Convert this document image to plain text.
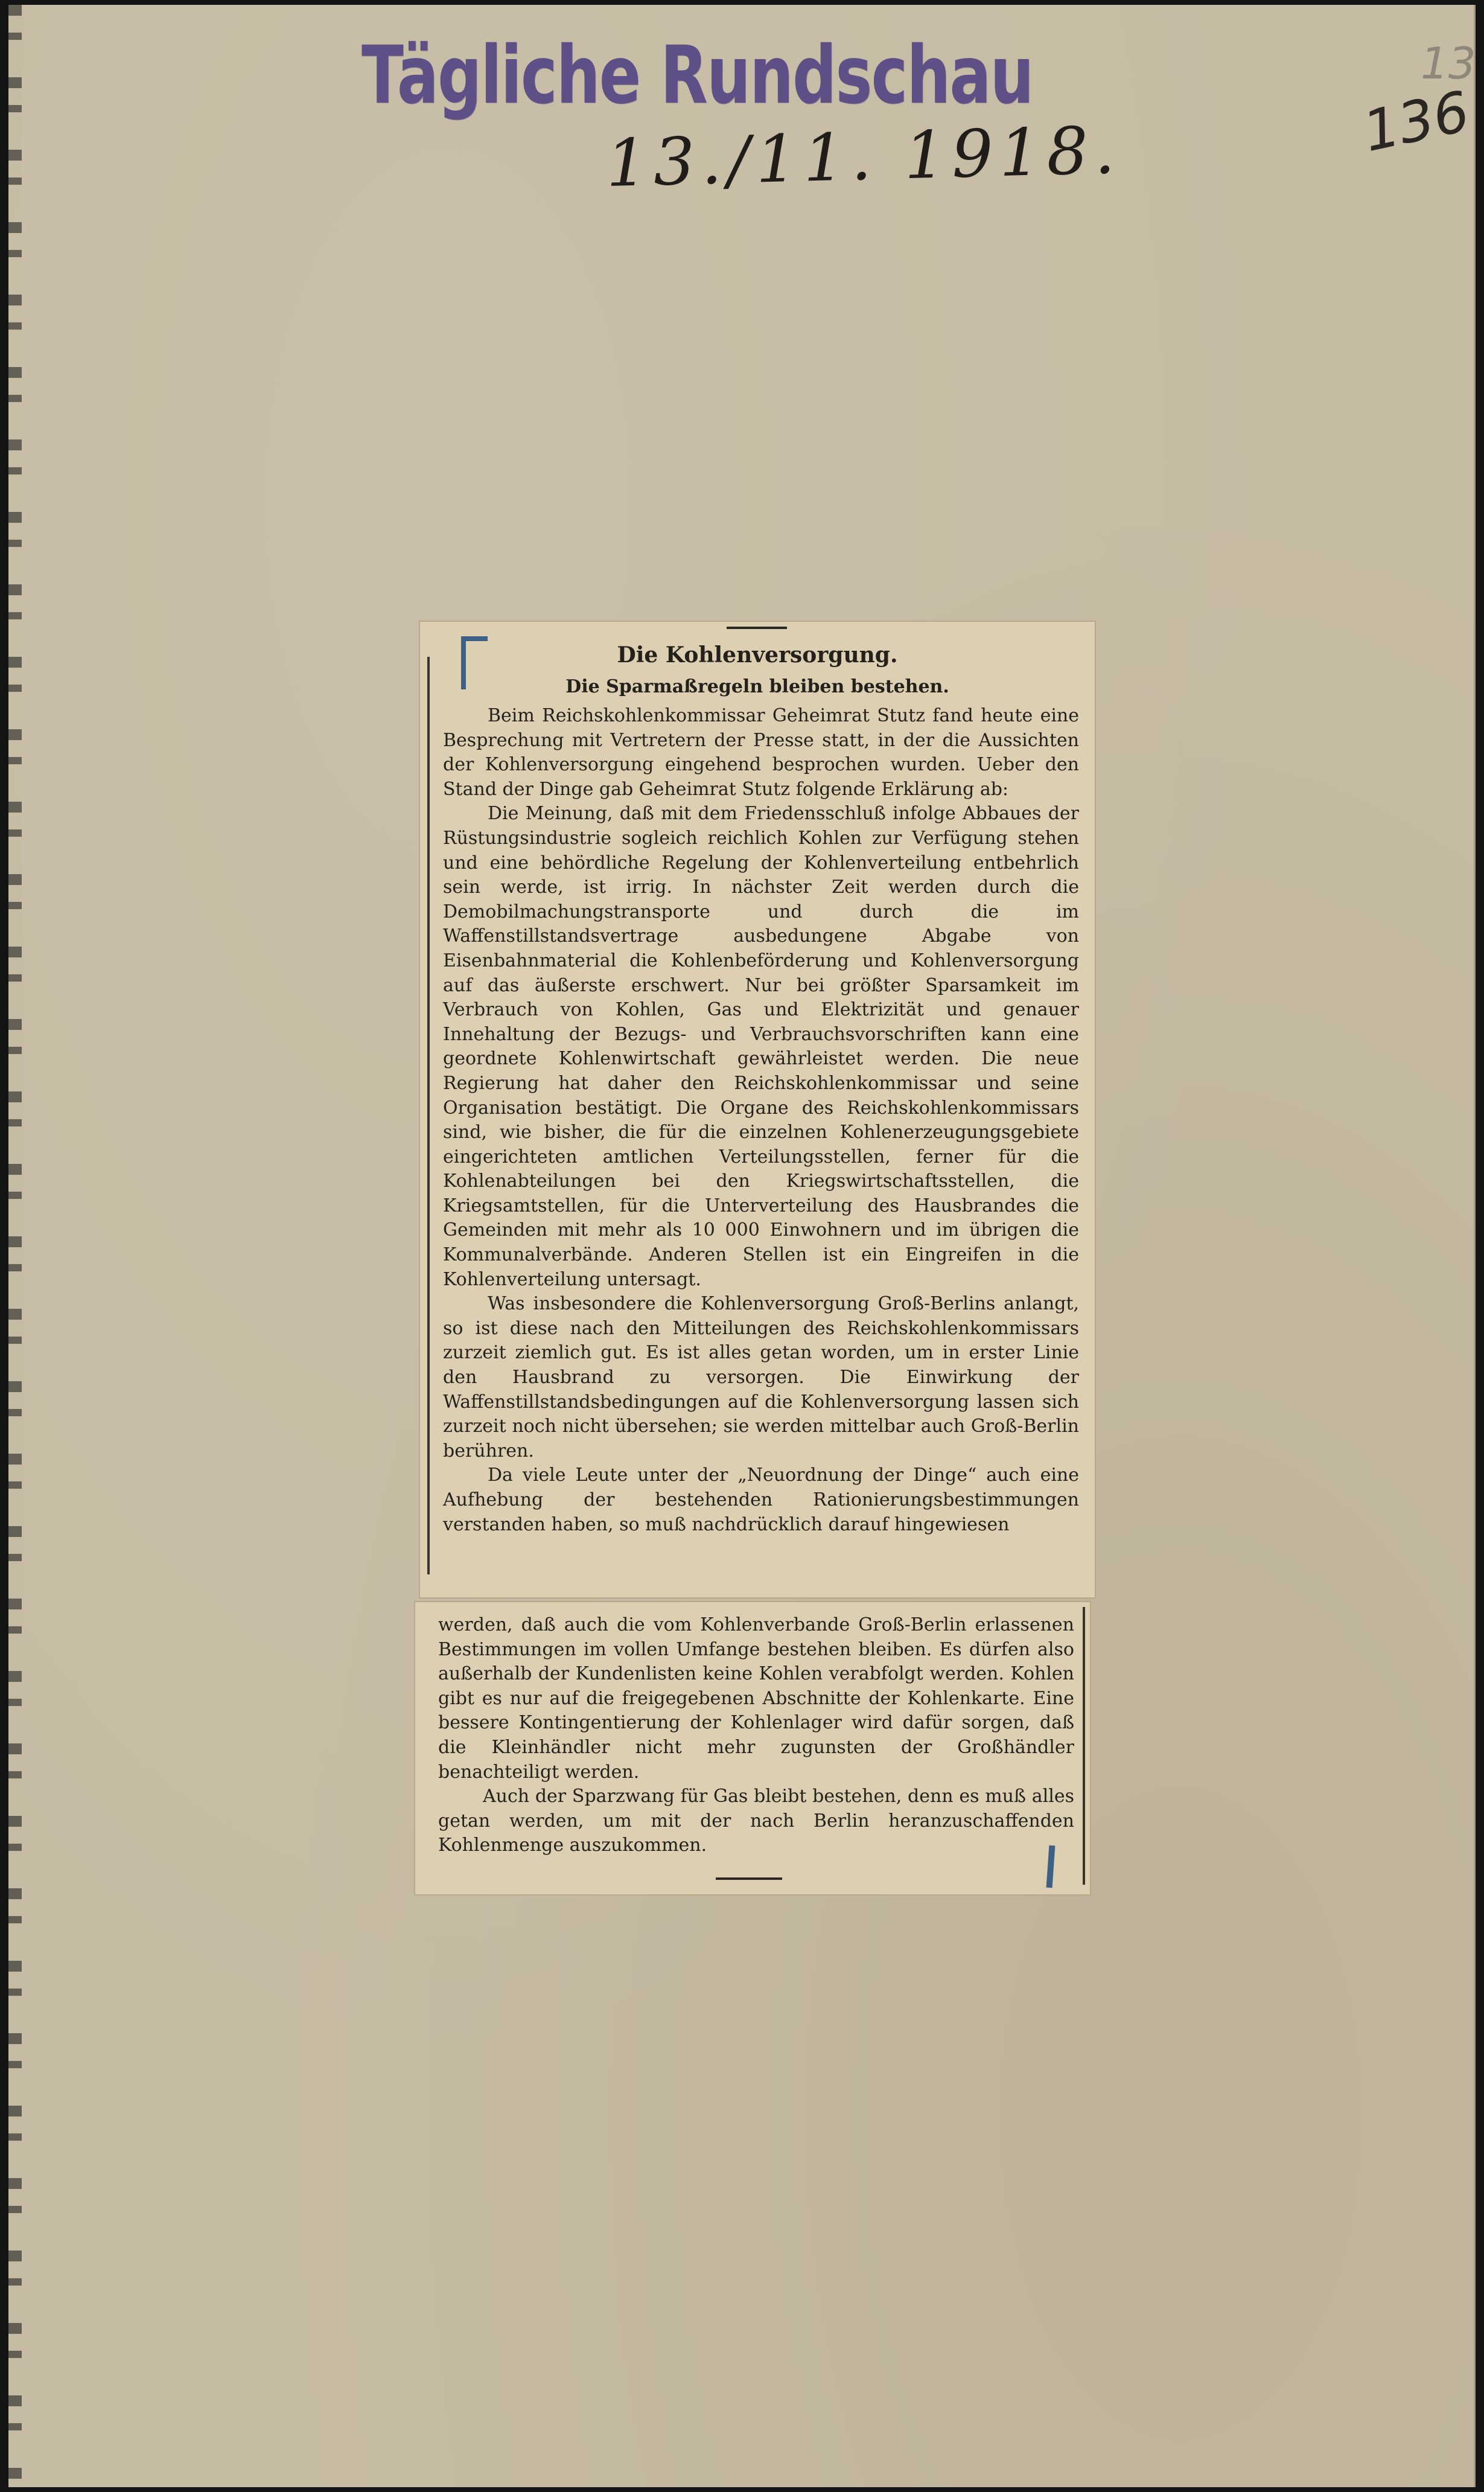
Tägliche Rundschau
13./11. 1918.
13
136
Die Kohlenversorgung.
Die Sparmaßregeln bleiben bestehen.

Beim Reichskohlenkommissar Geheimrat Stutz fand heute eine Besprechung mit Vertretern der Presse statt, in der die Aussichten der Kohlenversorgung eingehend besprochen wurden. Ueber den Stand der Dinge gab Geheimrat Stutz folgende Erklärung ab:

Die Meinung, daß mit dem Friedensschluß infolge Abbaues der Rüstungsindustrie sogleich reichlich Kohlen zur Verfügung stehen und eine behördliche Regelung der Kohlenverteilung entbehrlich sein werde, ist irrig. In nächster Zeit werden durch die Demobilmachungstransporte und durch die im Waffenstillstandsvertrage ausbedungene Abgabe von Eisenbahnmaterial die Kohlenbeförderung und Kohlenversorgung auf das äußerste erschwert. Nur bei größter Sparsamkeit im Verbrauch von Kohlen, Gas und Elektrizität und genauer Innehaltung der Bezugs- und Verbrauchsvorschriften kann eine geordnete Kohlenwirtschaft gewährleistet werden. Die neue Regierung hat daher den Reichskohlenkommissar und seine Organisation bestätigt. Die Organe des Reichskohlenkommissars sind, wie bisher, die für die einzelnen Kohlenerzeugungsgebiete eingerichteten amtlichen Verteilungsstellen, ferner für die Kohlenabteilungen bei den Kriegswirtschaftsstellen, die Kriegsamtstellen, für die Unterverteilung des Hausbrandes die Gemeinden mit mehr als 10 000 Einwohnern und im übrigen die Kommunalverbände. Anderen Stellen ist ein Eingreifen in die Kohlenverteilung untersagt.

Was insbesondere die Kohlenversorgung Groß-Berlins anlangt, so ist diese nach den Mitteilungen des Reichskohlenkommissars zurzeit ziemlich gut. Es ist alles getan worden, um in erster Linie den Hausbrand zu versorgen. Die Einwirkung der Waffenstillstandsbedingungen auf die Kohlenversorgung lassen sich zurzeit noch nicht übersehen; sie werden mittelbar auch Groß-Berlin berühren.

Da viele Leute unter der „Neuordnung der Dinge“ auch eine Aufhebung der bestehenden Rationierungsbestimmungen verstanden haben, so muß nachdrücklich darauf hingewiesen

werden, daß auch die vom Kohlenverbande Groß-Berlin erlassenen Bestimmungen im vollen Umfange bestehen bleiben. Es dürfen also außerhalb der Kundenlisten keine Kohlen verabfolgt werden. Kohlen gibt es nur auf die freigegebenen Abschnitte der Kohlenkarte. Eine bessere Kontingentierung der Kohlenlager wird dafür sorgen, daß die Kleinhändler nicht mehr zugunsten der Großhändler benachteiligt werden.

Auch der Sparzwang für Gas bleibt bestehen, denn es muß alles getan werden, um mit der nach Berlin heranzuschaffenden Kohlenmenge auszukommen.
